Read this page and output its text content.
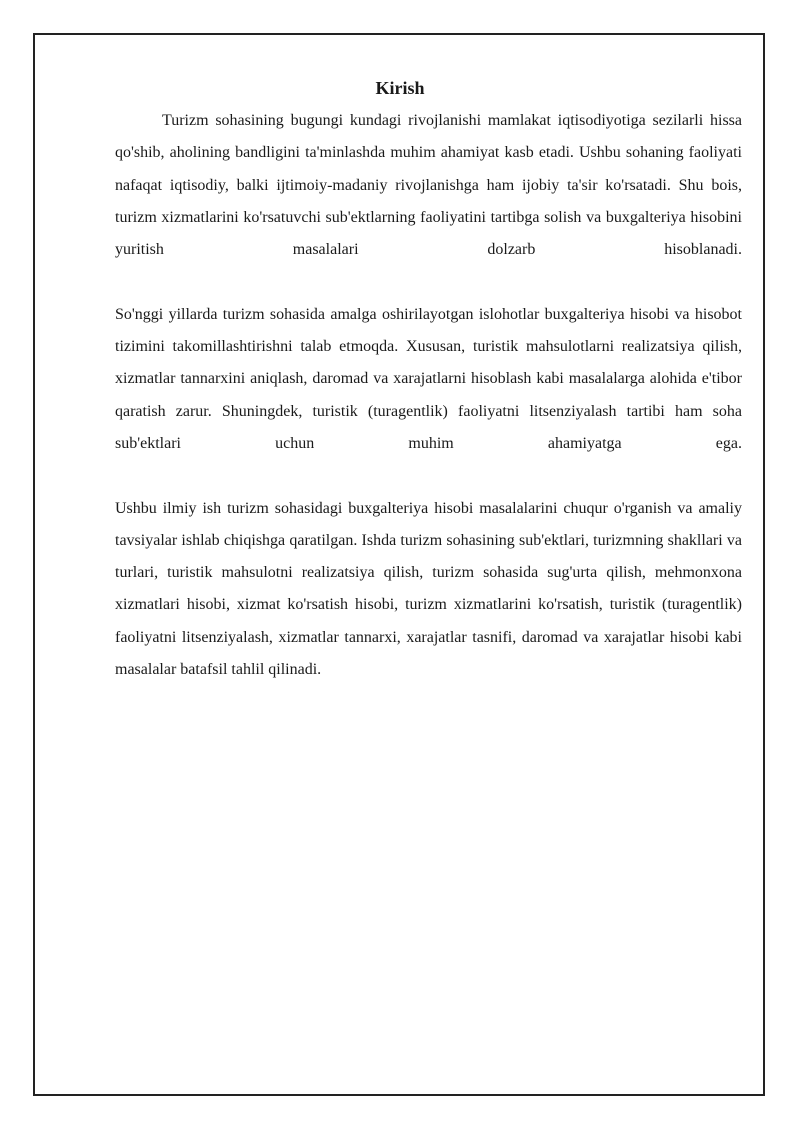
Kirish

Turizm sohasining bugungi kundagi rivojlanishi mamlakat iqtisodiyotiga sezilarli hissa qo'shib, aholining bandligini ta'minlashda muhim ahamiyat kasb etadi. Ushbu sohaning faoliyati nafaqat iqtisodiy, balki ijtimoiy-madaniy rivojlanishga ham ijobiy ta'sir ko'rsatadi. Shu bois, turizm xizmatlarini ko'rsatuvchi sub'ektlarning faoliyatini tartibga solish va buxgalteriya hisobini yuritish masalalari dolzarb hisoblanadi.

So'nggi yillarda turizm sohasida amalga oshirilayotgan islohotlar buxgalteriya hisobi va hisobot tizimini takomillashtirishni talab etmoqda. Xususan, turistik mahsulotlarni realizatsiya qilish, xizmatlar tannarxini aniqlash, daromad va xarajatlarni hisoblash kabi masalalarga alohida e'tibor qaratish zarur. Shuningdek, turistik (turagentlik) faoliyatni litsenziyalash tartibi ham soha sub'ektlari uchun muhim ahamiyatga ega.

Ushbu ilmiy ish turizm sohasidagi buxgalteriya hisobi masalalarini chuqur o'rganish va amaliy tavsiyalar ishlab chiqishga qaratilgan. Ishda turizm sohasining sub'ektlari, turizmning shakllari va turlari, turistik mahsulotni realizatsiya qilish, turizm sohasida sug'urta qilish, mehmonxona xizmatlari hisobi, xizmat ko'rsatish hisobi, turizm xizmatlarini ko'rsatish, turistik (turagentlik) faoliyatni litsenziyalash, xizmatlar tannarxi, xarajatlar tasnifi, daromad va xarajatlar hisobi kabi masalalar batafsil tahlil qilinadi.
